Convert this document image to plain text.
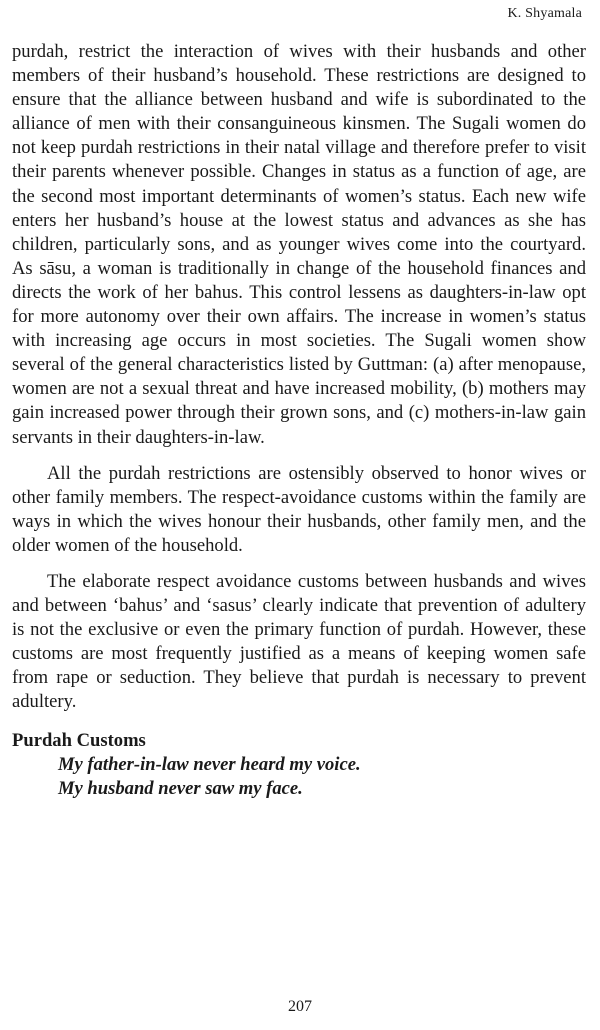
K. Shyamala

purdah, restrict the interaction of wives with their husbands and other members of their husband’s household. These restrictions are designed to ensure that the alliance between husband and wife is subordinated to the alliance of men with their consanguineous kinsmen. The Sugali women do not keep purdah restrictions in their natal village and therefore prefer to visit their parents whenever possible. Changes in status as a function of age, are the second most important determinants of women’s status. Each new wife enters her husband’s house at the lowest status and advances as she has children, particularly sons, and as younger wives come into the courtyard. As sāsu, a woman is traditionally in change of the household finances and directs the work of her bahus. This control lessens as daughters-in-law opt for more autonomy over their own affairs. The increase in women’s status with increasing age occurs in most societies. The Sugali women show several of the general characteristics listed by Guttman: (a) after menopause, women are not a sexual threat and have increased mobility, (b) mothers may gain increased power through their grown sons, and (c) mothers-in-law gain servants in their daughters-in-law.

All the purdah restrictions are ostensibly observed to honor wives or other family members. The respect-avoidance customs within the family are ways in which the wives honour their husbands, other family men, and the older women of the household.

The elaborate respect avoidance customs between husbands and wives and between ‘bahus’ and ‘sasus’ clearly indicate that prevention of adultery is not the exclusive or even the primary function of purdah. However, these customs are most frequently justified as a means of keeping women safe from rape or seduction. They believe that purdah is necessary to prevent adultery.

Purdah Customs
My father-in-law never heard my voice.
My husband never saw my face.
207
